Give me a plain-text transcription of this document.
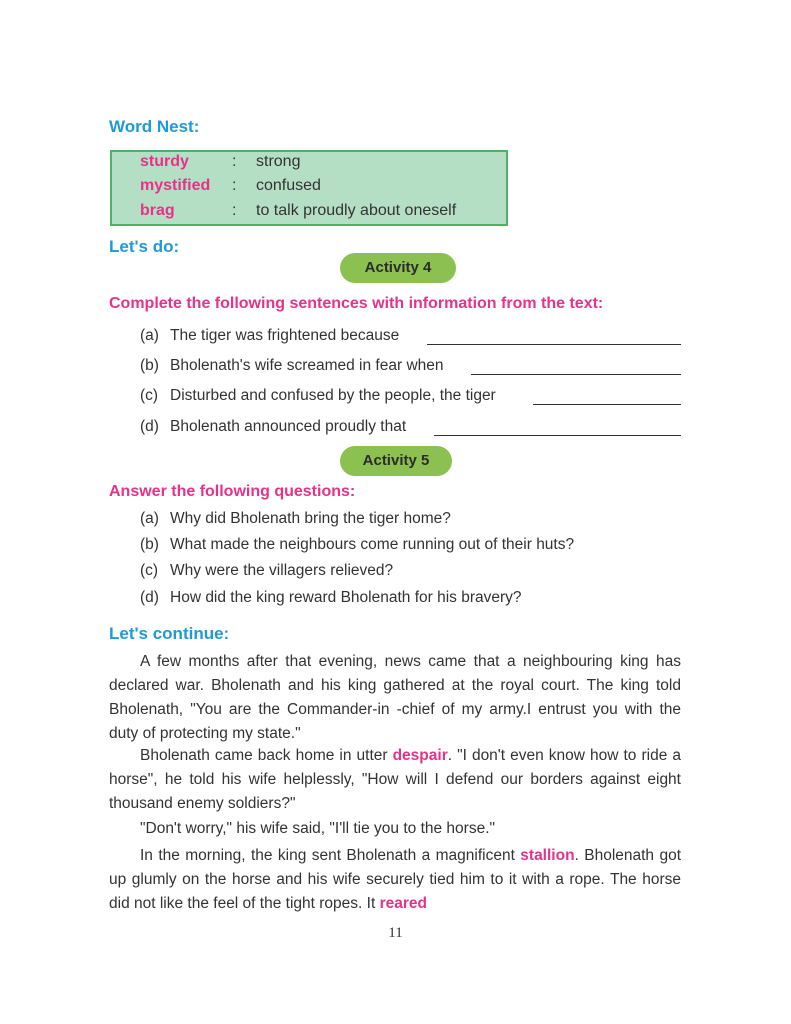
Word Nest:
sturdy	: strong
mystified : confused
brag	: to talk proudly about oneself
Let's do:
Activity 4
Complete the following sentences with information from the text:
(a) The tiger was frightened because
(b) Bholenath's wife screamed in fear when
(c) Disturbed and confused by the people, the tiger
(d) Bholenath announced proudly that
Activity 5
Answer the following questions:
(a) Why did Bholenath bring the tiger home?
(b) What made the neighbours come running out of their huts?
(c) Why were the villagers relieved?
(d) How did the king reward Bholenath for his bravery?
Let's continue:
A few months after that evening, news came that a neighbouring king has declared war. Bholenath and his king gathered at the royal court. The king told Bholenath, "You are the Commander-in -chief of my army.I entrust you with the duty of protecting my state."
Bholenath came back home in utter despair. "I don't even know how to ride a horse", he told his wife helplessly, "How will I defend our borders against eight thousand enemy soldiers?"
"Don't worry," his wife said, "I'll tie you to the horse."
In the morning, the king sent Bholenath a magnificent stallion. Bholenath got up glumly on the horse and his wife securely tied him to it with a rope. The horse did not like the feel of the tight ropes. It reared
11
